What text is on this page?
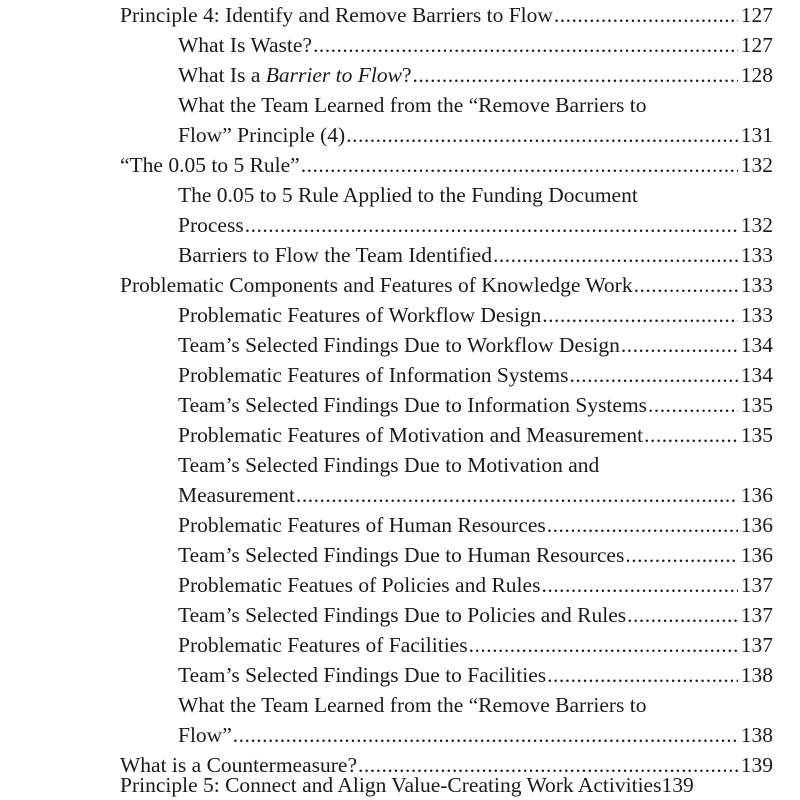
Principle 4: Identify and Remove Barriers to Flow .....	127
What Is Waste? .....	127
What Is a Barrier to Flow? .....	128
What the Team Learned from the “Remove Barriers to
Flow” Principle (4) .....	131
“The 0.05 to 5 Rule” .....	132
The 0.05 to 5 Rule Applied to the Funding Document
Process .....	132
Barriers to Flow the Team Identified .....	133
Problematic Components and Features of Knowledge Work .....	133
Problematic Features of Workflow Design .....	133
Team’s Selected Findings Due to Workflow Design .....	134
Problematic Features of Information Systems .....	134
Team’s Selected Findings Due to Information Systems .....	135
Problematic Features of Motivation and Measurement .....	135
Team’s Selected Findings Due to Motivation and
Measurement .....	136
Problematic Features of Human Resources .....	136
Team’s Selected Findings Due to Human Resources .....	136
Problematic Featues of Policies and Rules .....	137
Team’s Selected Findings Due to Policies and Rules .....	137
Problematic Features of Facilities .....	137
Team’s Selected Findings Due to Facilities .....	138
What the Team Learned from the “Remove Barriers to
Flow” .....	138
What is a Countermeasure? .....	139
Principle 5: Connect and Align Value-Creating Work Activities 139
